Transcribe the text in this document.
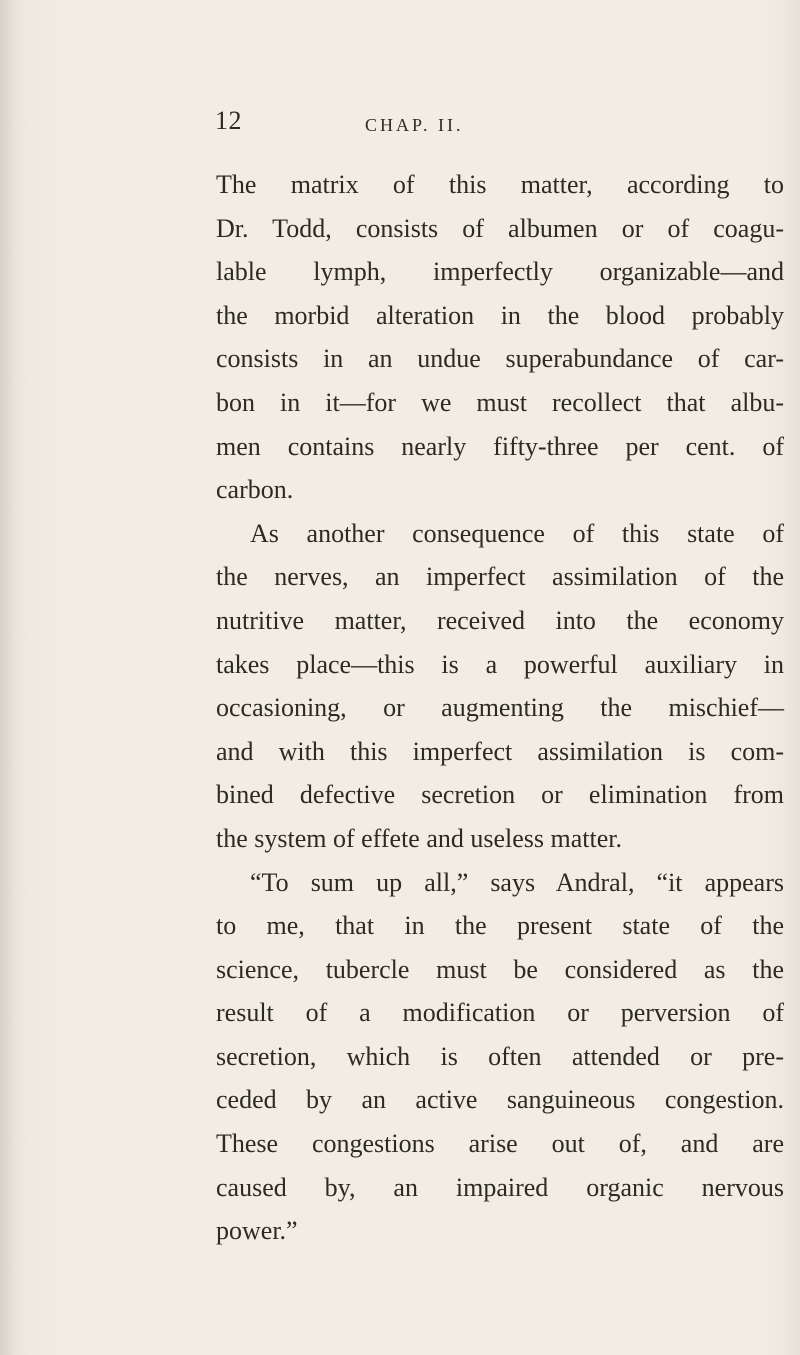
12	CHAP. II.
The matrix of this matter, according to
Dr. Todd, consists of albumen or of coagu-
lable lymph, imperfectly organizable—and
the morbid alteration in the blood probably
consists in an undue superabundance of car-
bon in it—for we must recollect that albu-
men contains nearly fifty-three per cent. of
carbon.
As another consequence of this state of
the nerves, an imperfect assimilation of the
nutritive matter, received into the economy
takes place—this is a powerful auxiliary in
occasioning, or augmenting the mischief—
and with this imperfect assimilation is com-
bined defective secretion or elimination from
the system of effete and useless matter.
“To sum up all,” says Andral, “it appears
to me, that in the present state of the
science, tubercle must be considered as the
result of a modification or perversion of
secretion, which is often attended or pre-
ceded by an active sanguineous congestion.
These congestions arise out of, and are
caused by, an impaired organic nervous
power.”
